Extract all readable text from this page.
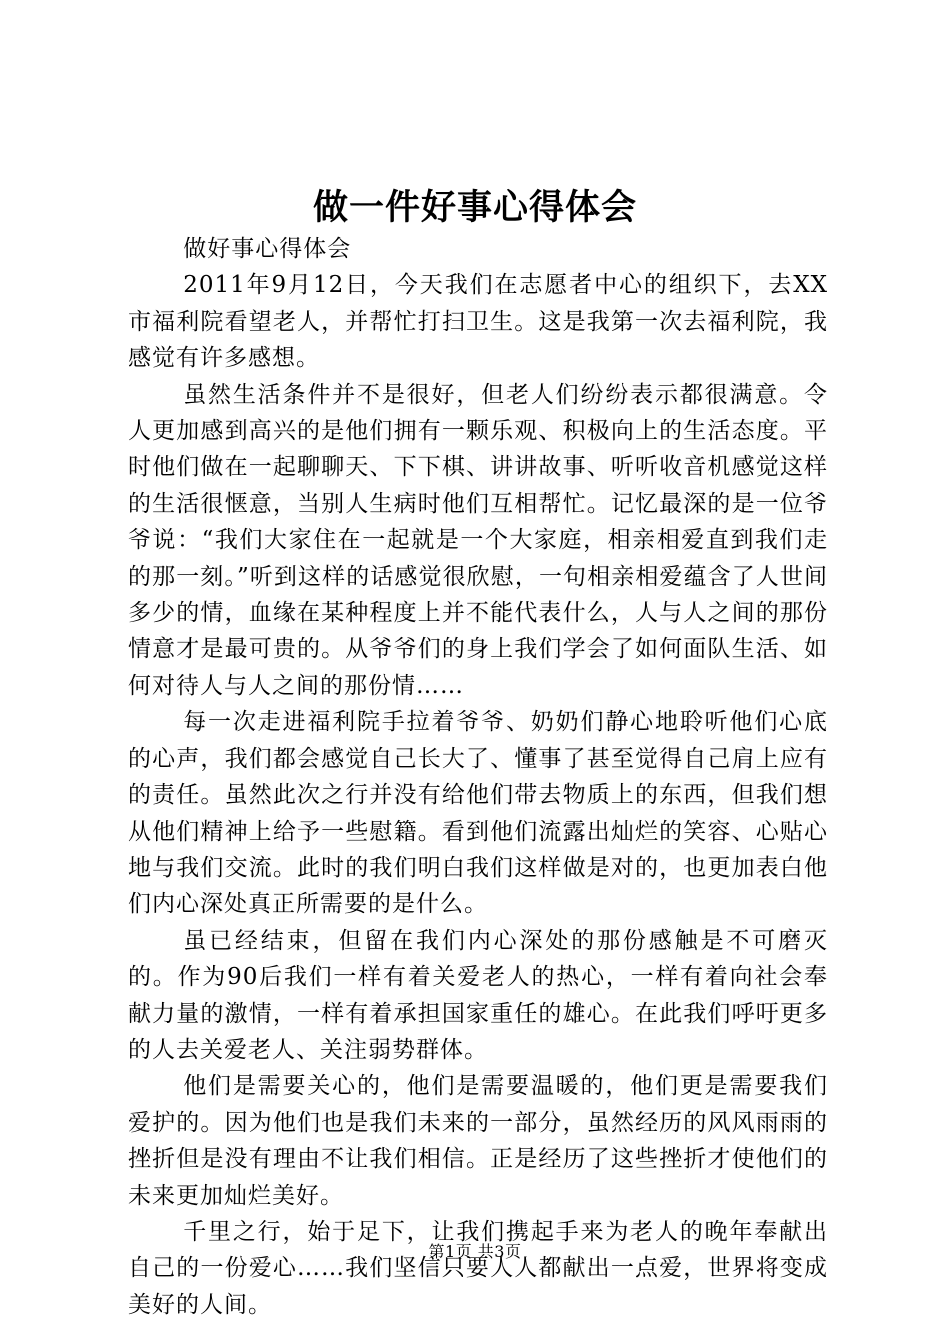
做一件好事心得体会

做好事心得体会

2011年9月12日，今天我们在志愿者中心的组织下，去XX市福利院看望老人，并帮忙打扫卫生。这是我第一次去福利院，我感觉有许多感想。

虽然生活条件并不是很好，但老人们纷纷表示都很满意。令人更加感到高兴的是他们拥有一颗乐观、积极向上的生活态度。平时他们做在一起聊聊天、下下棋、讲讲故事、听听收音机感觉这样的生活很惬意，当别人生病时他们互相帮忙。记忆最深的是一位爷爷说：“我们大家住在一起就是一个大家庭，相亲相爱直到我们走的那一刻。”听到这样的话感觉很欣慰，一句相亲相爱蕴含了人世间多少的情，血缘在某种程度上并不能代表什么，人与人之间的那份情意才是最可贵的。从爷爷们的身上我们学会了如何面队生活、如何对待人与人之间的那份情……

每一次走进福利院手拉着爷爷、奶奶们静心地聆听他们心底的心声，我们都会感觉自己长大了、懂事了甚至觉得自己肩上应有的责任。虽然此次之行并没有给他们带去物质上的东西，但我们想从他们精神上给予一些慰籍。看到他们流露出灿烂的笑容、心贴心地与我们交流。此时的我们明白我们这样做是对的，也更加表白他们内心深处真正所需要的是什么。

虽已经结束，但留在我们内心深处的那份感触是不可磨灭的。作为90后我们一样有着关爱老人的热心，一样有着向社会奉献力量的激情，一样有着承担国家重任的雄心。在此我们呼吁更多的人去关爱老人、关注弱势群体。

他们是需要关心的，他们是需要温暖的，他们更是需要我们爱护的。因为他们也是我们未来的一部分，虽然经历的风风雨雨的挫折但是没有理由不让我们相信。正是经历了这些挫折才使他们的未来更加灿烂美好。

千里之行，始于足下，让我们携起手来为老人的晚年奉献出自己的一份爱心……我们坚信只要人人都献出一点爱，世界将变成美好的人间。

第1页 共3页
